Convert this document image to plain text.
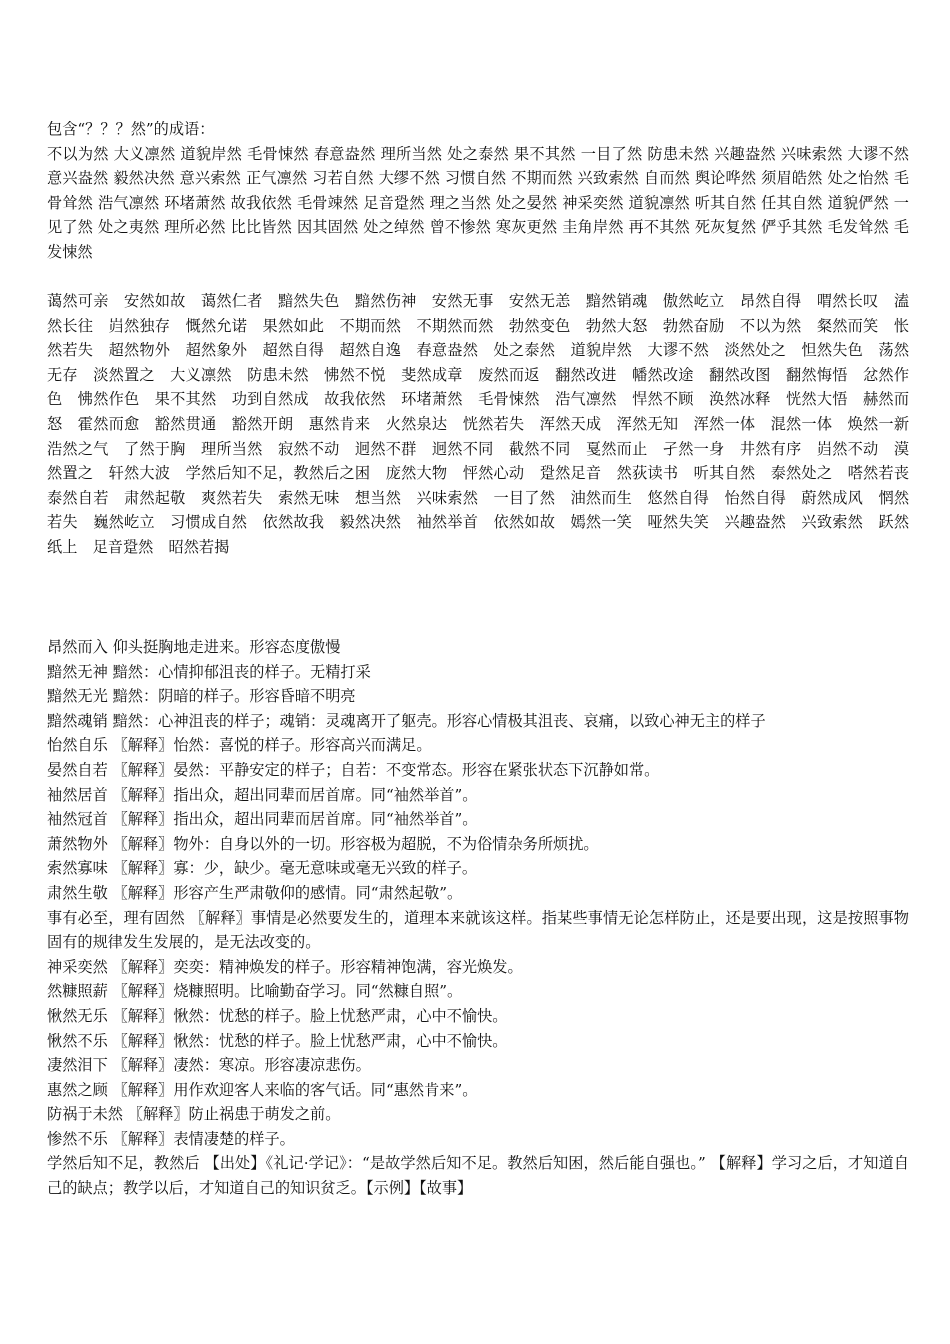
包含“？？？然”的成语：
不以为然 大义凛然 道貌岸然 毛骨悚然 春意盎然 理所当然 处之泰然 果不其然 一目了然 防患未然 兴趣盎然 兴味索然 大谬不然 意兴盎然 毅然决然 意兴索然 正气凛然 习若自然 大缪不然 习惯自然 不期而然 兴致索然 自而然 舆论哗然 须眉皓然 处之怡然 毛骨耸然 浩气凛然 环堵萧然 故我依然 毛骨竦然 足音跫然 理之当然 处之晏然 神采奕然 道貌凛然 听其自然 任其自然 道貌俨然 一见了然 处之夷然 理所必然 比比皆然 因其固然 处之绰然 曾不惨然 寒灰更然 圭角岸然 再不其然 死灰复然 俨乎其然 毛发耸然 毛发悚然
蔼然可亲　安然如故　蔼然仁者　黯然失色　黯然伤神　安然无事　安然无恙　黯然销魂　傲然屹立　昂然自得　喟然长叹　溘然长往　岿然独存　慨然允诺　果然如此　不期而然　不期然而然　勃然变色　勃然大怒　勃然奋励　不以为然　粲然而笑　怅然若失　超然物外　超然象外　超然自得　超然自逸　春意盎然　处之泰然　道貌岸然　大谬不然　淡然处之　怛然失色　荡然无存　淡然置之　大义凛然　防患未然　怫然不悦　斐然成章　废然而返　翻然改进　幡然改途　翻然改图　翻然悔悟　忿然作色　怫然作色　果不其然　功到自然成　故我依然　环堵萧然　毛骨悚然　浩气凛然　悍然不顾　涣然冰释　恍然大悟　赫然而怒　霍然而愈　豁然贯通　豁然开朗　惠然肯来　火然泉达　恍然若失　浑然天成　浑然无知　浑然一体　混然一体　焕然一新　浩然之气　了然于胸　理所当然　寂然不动　迥然不群　迥然不同　截然不同　戛然而止　孑然一身　井然有序　岿然不动　漠然置之　轩然大波　学然后知不足，教然后之困　庞然大物　怦然心动　跫然足音　然荻读书　听其自然　泰然处之　嗒然若丧　泰然自若　肃然起敬　爽然若失　索然无味　想当然　兴味索然　一目了然　油然而生　悠然自得　怡然自得　蔚然成风　惘然若失　巍然屹立　习惯成自然　依然故我　毅然决然　袖然举首　依然如故　嫣然一笑　哑然失笑　兴趣盎然　兴致索然　跃然纸上　足音跫然　昭然若揭
昂然而入 仰头挺胸地走进来。形容态度傲慢
黯然无神 黯然：心情抑郁沮丧的样子。无精打采
黯然无光 黯然：阴暗的样子。形容昏暗不明亮
黯然魂销 黯然：心神沮丧的样子；魂销：灵魂离开了躯壳。形容心情极其沮丧、哀痛，以致心神无主的样子
怡然自乐 〖解释〗怡然：喜悦的样子。形容高兴而满足。
晏然自若 〖解释〗晏然：平静安定的样子；自若：不变常态。形容在紧张状态下沉静如常。
袖然居首 〖解释〗指出众，超出同辈而居首席。同“袖然举首”。
袖然冠首 〖解释〗指出众，超出同辈而居首席。同“袖然举首”。
萧然物外 〖解释〗物外：自身以外的一切。形容极为超脱，不为俗情杂务所烦扰。
索然寡味 〖解释〗寡：少，缺少。毫无意味或毫无兴致的样子。
肃然生敬 〖解释〗形容产生严肃敬仰的感情。同“肃然起敬”。
事有必至，理有固然 〖解释〗事情是必然要发生的，道理本来就该这样。指某些事情无论怎样防止，还是要出现，这是按照事物固有的规律发生发展的，是无法改变的。
神采奕然 〖解释〗奕奕：精神焕发的样子。形容精神饱满，容光焕发。
然糠照薪 〖解释〗烧糠照明。比喻勤奋学习。同“然糠自照”。
愀然无乐 〖解释〗愀然：忧愁的样子。脸上忧愁严肃，心中不愉快。
愀然不乐 〖解释〗愀然：忧愁的样子。脸上忧愁严肃，心中不愉快。
凄然泪下 〖解释〗凄然：寒凉。形容凄凉悲伤。
惠然之顾 〖解释〗用作欢迎客人来临的客气话。同“惠然肯来”。
防祸于未然 〖解释〗防止祸患于萌发之前。
惨然不乐 〖解释〗表情凄楚的样子。
学然后知不足，教然后 【出处】《礼记·学记》：“是故学然后知不足。教然后知困，然后能自强也。” 【解释】学习之后，才知道自己的缺点；教学以后，才知道自己的知识贫乏。【示例】【故事】
